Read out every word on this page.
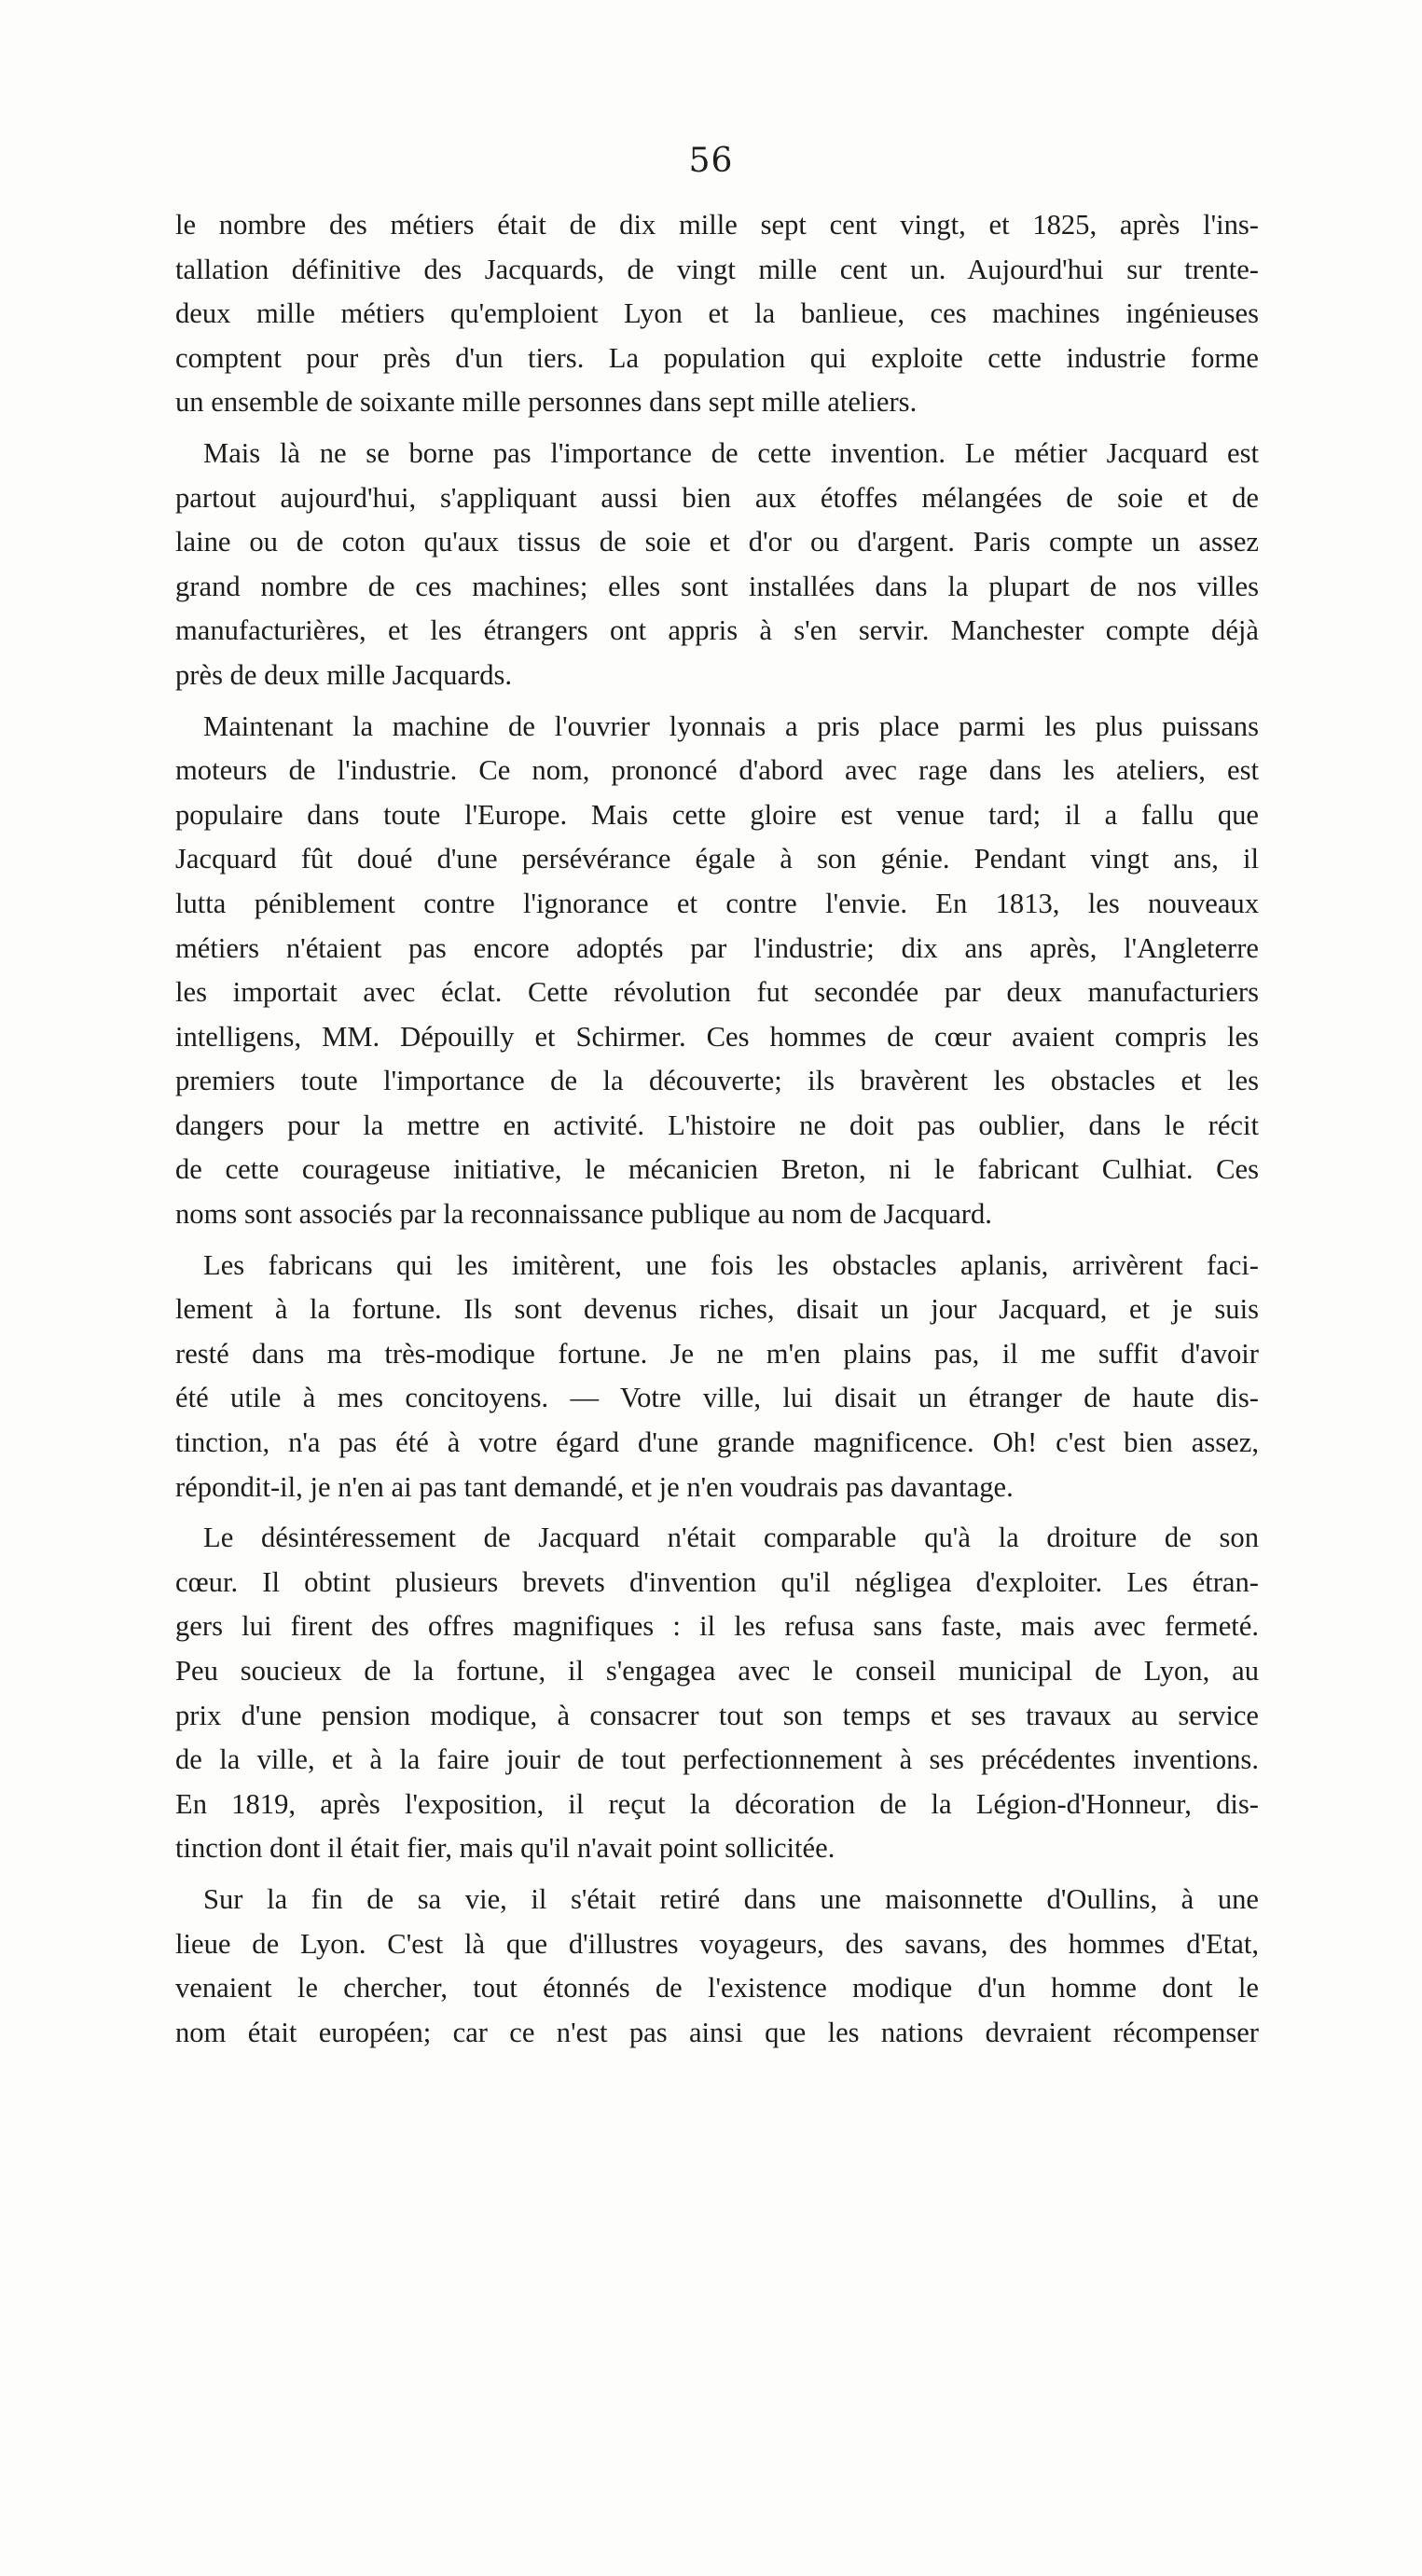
56
le nombre des métiers était de dix mille sept cent vingt, et 1825, après l'ins-
tallation définitive des Jacquards, de vingt mille cent un. Aujourd'hui sur trente-
deux mille métiers qu'emploient Lyon et la banlieue, ces machines ingénieuses
comptent pour près d'un tiers. La population qui exploite cette industrie forme
un ensemble de soixante mille personnes dans sept mille ateliers.
Mais là ne se borne pas l'importance de cette invention. Le métier Jacquard est
partout aujourd'hui, s'appliquant aussi bien aux étoffes mélangées de soie et de
laine ou de coton qu'aux tissus de soie et d'or ou d'argent. Paris compte un assez
grand nombre de ces machines; elles sont installées dans la plupart de nos villes
manufacturières, et les étrangers ont appris à s'en servir. Manchester compte déjà
près de deux mille Jacquards.
Maintenant la machine de l'ouvrier lyonnais a pris place parmi les plus puissans
moteurs de l'industrie. Ce nom, prononcé d'abord avec rage dans les ateliers, est
populaire dans toute l'Europe. Mais cette gloire est venue tard; il a fallu que
Jacquard fût doué d'une persévérance égale à son génie. Pendant vingt ans, il
lutta péniblement contre l'ignorance et contre l'envie. En 1813, les nouveaux
métiers n'étaient pas encore adoptés par l'industrie; dix ans après, l'Angleterre
les importait avec éclat. Cette révolution fut secondée par deux manufacturiers
intelligens, MM. Dépouilly et Schirmer. Ces hommes de cœur avaient compris les
premiers toute l'importance de la découverte; ils bravèrent les obstacles et les
dangers pour la mettre en activité. L'histoire ne doit pas oublier, dans le récit
de cette courageuse initiative, le mécanicien Breton, ni le fabricant Culhiat. Ces
noms sont associés par la reconnaissance publique au nom de Jacquard.
Les fabricans qui les imitèrent, une fois les obstacles aplanis, arrivèrent faci-
lement à la fortune. Ils sont devenus riches, disait un jour Jacquard, et je suis
resté dans ma très-modique fortune. Je ne m'en plains pas, il me suffit d'avoir
été utile à mes concitoyens. — Votre ville, lui disait un étranger de haute dis-
tinction, n'a pas été à votre égard d'une grande magnificence. Oh! c'est bien assez,
répondit-il, je n'en ai pas tant demandé, et je n'en voudrais pas davantage.
Le désintéressement de Jacquard n'était comparable qu'à la droiture de son
cœur. Il obtint plusieurs brevets d'invention qu'il négligea d'exploiter. Les étran-
gers lui firent des offres magnifiques : il les refusa sans faste, mais avec fermeté.
Peu soucieux de la fortune, il s'engagea avec le conseil municipal de Lyon, au
prix d'une pension modique, à consacrer tout son temps et ses travaux au service
de la ville, et à la faire jouir de tout perfectionnement à ses précédentes inventions.
En 1819, après l'exposition, il reçut la décoration de la Légion-d'Honneur, dis-
tinction dont il était fier, mais qu'il n'avait point sollicitée.
Sur la fin de sa vie, il s'était retiré dans une maisonnette d'Oullins, à une
lieue de Lyon. C'est là que d'illustres voyageurs, des savans, des hommes d'Etat,
venaient le chercher, tout étonnés de l'existence modique d'un homme dont le
nom était européen; car ce n'est pas ainsi que les nations devraient récompenser
